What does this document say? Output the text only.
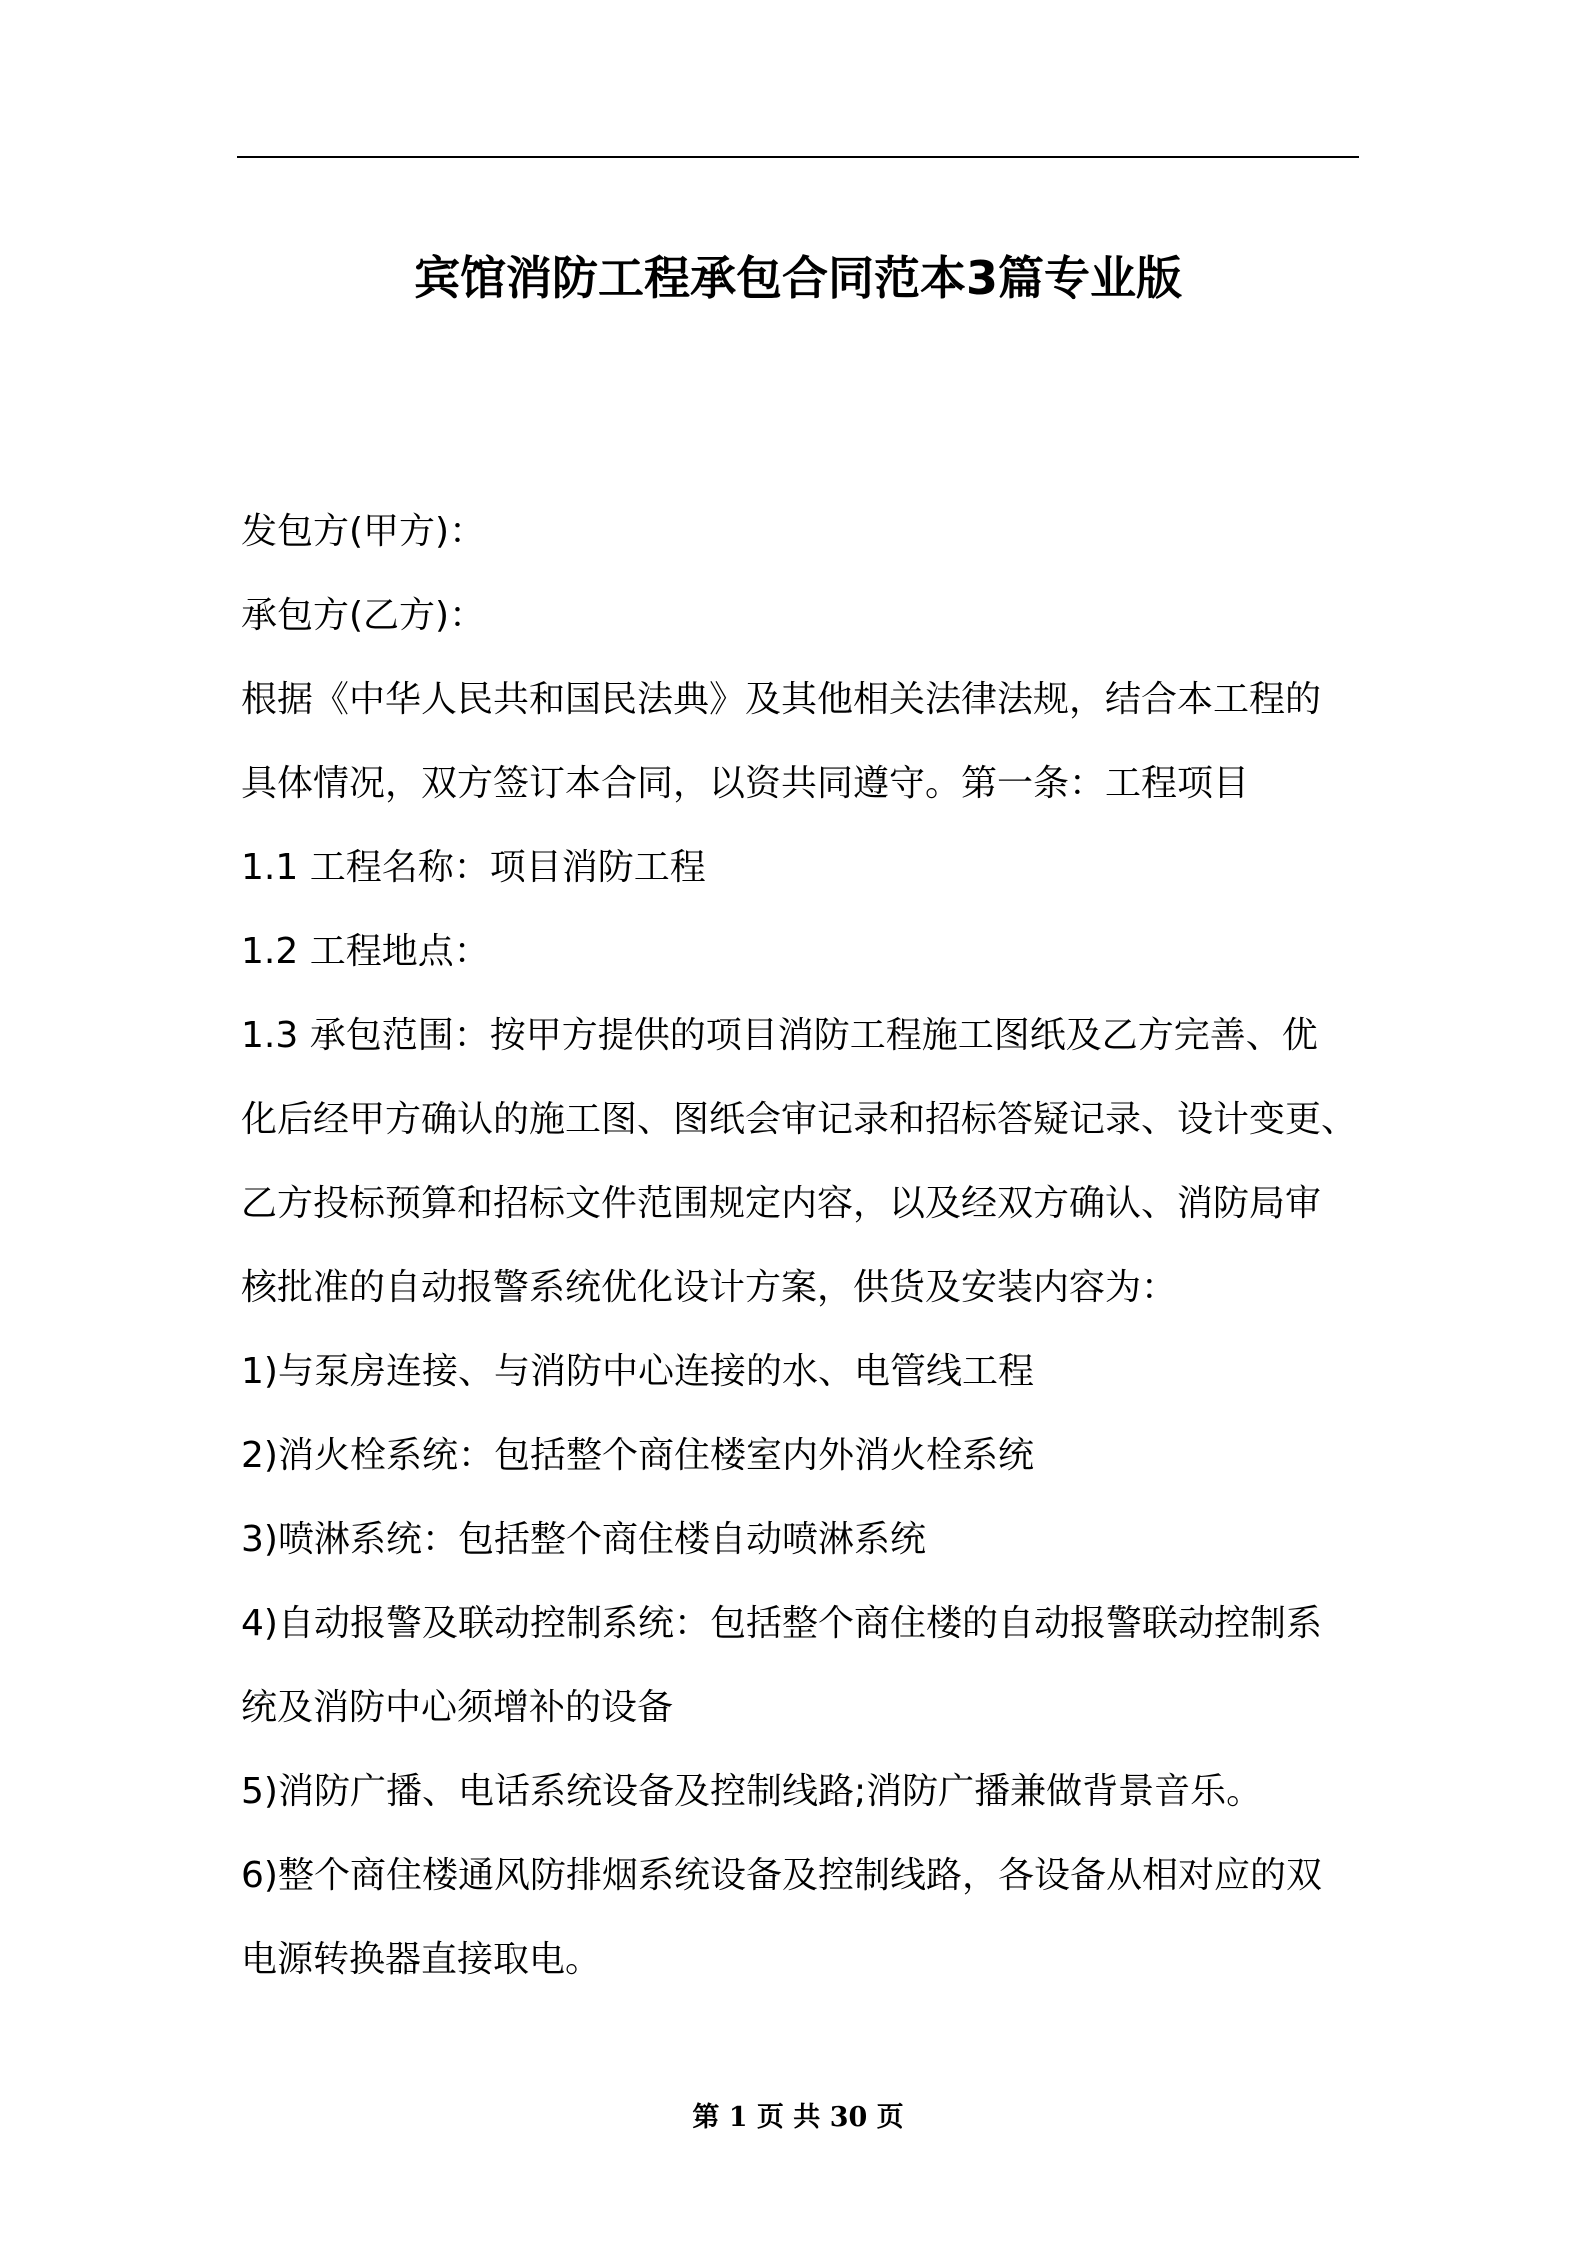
宾馆消防工程承包合同范本3篇专业版

发包方(甲方)：

承包方(乙方)：

根据《中华人民共和国民法典》及其他相关法律法规，结合本工程的

具体情况，双方签订本合同，以资共同遵守。第一条：工程项目

1.1 工程名称：项目消防工程

1.2 工程地点：

1.3 承包范围：按甲方提供的项目消防工程施工图纸及乙方完善、优

化后经甲方确认的施工图、图纸会审记录和招标答疑记录、设计变更、

乙方投标预算和招标文件范围规定内容，以及经双方确认、消防局审

核批准的自动报警系统优化设计方案，供货及安装内容为：

1)与泵房连接、与消防中心连接的水、电管线工程

2)消火栓系统：包括整个商住楼室内外消火栓系统

3)喷淋系统：包括整个商住楼自动喷淋系统

4)自动报警及联动控制系统：包括整个商住楼的自动报警联动控制系

统及消防中心须增补的设备

5)消防广播、电话系统设备及控制线路;消防广播兼做背景音乐。

6)整个商住楼通风防排烟系统设备及控制线路，各设备从相对应的双

电源转换器直接取电。

第 1 页 共 30 页
